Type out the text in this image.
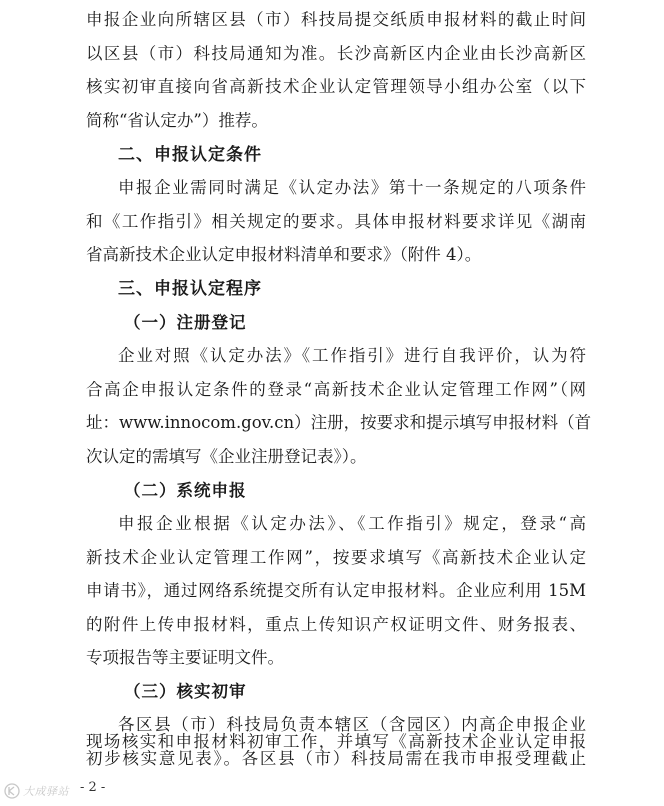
申报企业向所辖区县（市）科技局提交纸质申报材料的截止时间
以区县（市）科技局通知为准。长沙高新区内企业由长沙高新区
核实初审直接向省高新技术企业认定管理领导小组办公室（以下
简称“省认定办”）推荐。
二、申报认定条件
申报企业需同时满足《认定办法》第十一条规定的八项条件
和《工作指引》相关规定的要求。具体申报材料要求详见《湖南
省高新技术企业认定申报材料清单和要求》（附件 4）。
三、申报认定程序
（一）注册登记
企业对照《认定办法》《工作指引》进行自我评价，认为符
合高企申报认定条件的登录“高新技术企业认定管理工作网”（网
址：www.innocom.gov.cn）注册，按要求和提示填写申报材料（首
次认定的需填写《企业注册登记表》）。
（二）系统申报
申报企业根据《认定办法》、《工作指引》规定，登录“高
新技术企业认定管理工作网”，按要求填写《高新技术企业认定
申请书》，通过网络系统提交所有认定申报材料。企业应利用 15M
的附件上传申报材料，重点上传知识产权证明文件、财务报表、
专项报告等主要证明文件。
（三）核实初审
各区县（市）科技局负责本辖区（含园区）内高企申报企业
现场核实和申报材料初审工作，并填写《高新技术企业认定申报
大成驿站 - 2 -
初步核实意见表》。各区县（市）科技局需在我市申报受理截止
